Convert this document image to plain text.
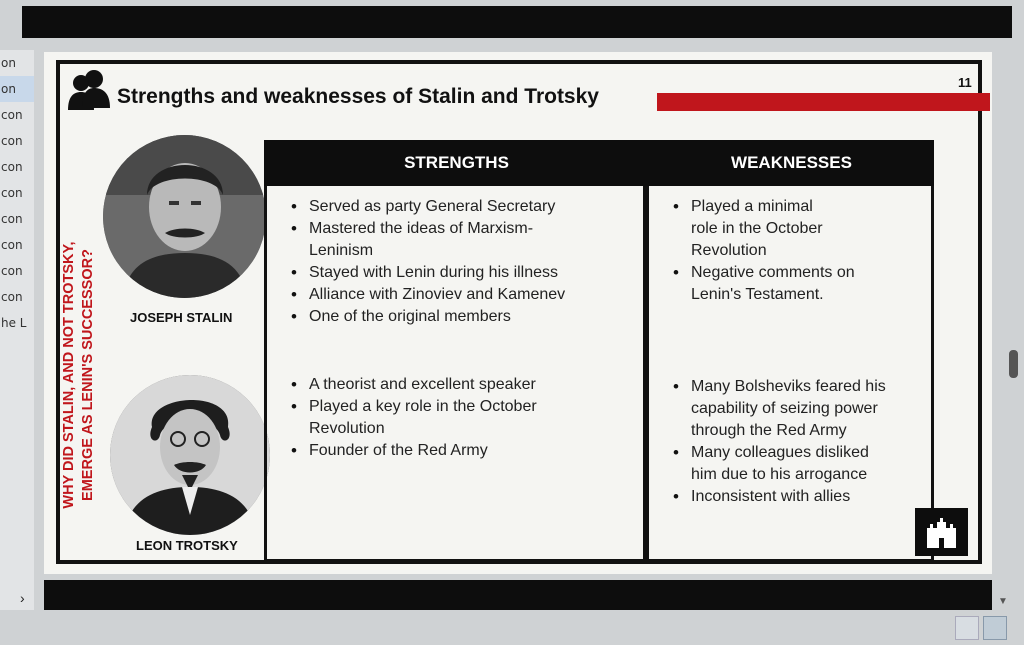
on
on
con
con
con
con
con
con
con
con
he L
›
Strengths and weaknesses of Stalin and Trotsky
11
WHY DID STALIN, AND NOT TROTSKY, EMERGE AS LENIN'S SUCCESSOR?	JOSEPH STALIN
LEON TROTSKY
STRENGTHS	WEAKNESSES
• Served as party General Secretary
• Mastered the ideas of Marxism-Leninism
• Stayed with Lenin during his illness
• Alliance with Zinoviev and Kamenev
• One of the original members
• A theorist and excellent speaker
• Played a key role in the October Revolution
• Founder of the Red Army
• Played a minimal role in the October Revolution
• Negative comments on Lenin's Testament.
• Many Bolsheviks feared his capability of seizing power through the Red Army
• Many colleagues disliked him due to his arrogance
• Inconsistent with allies
▼
